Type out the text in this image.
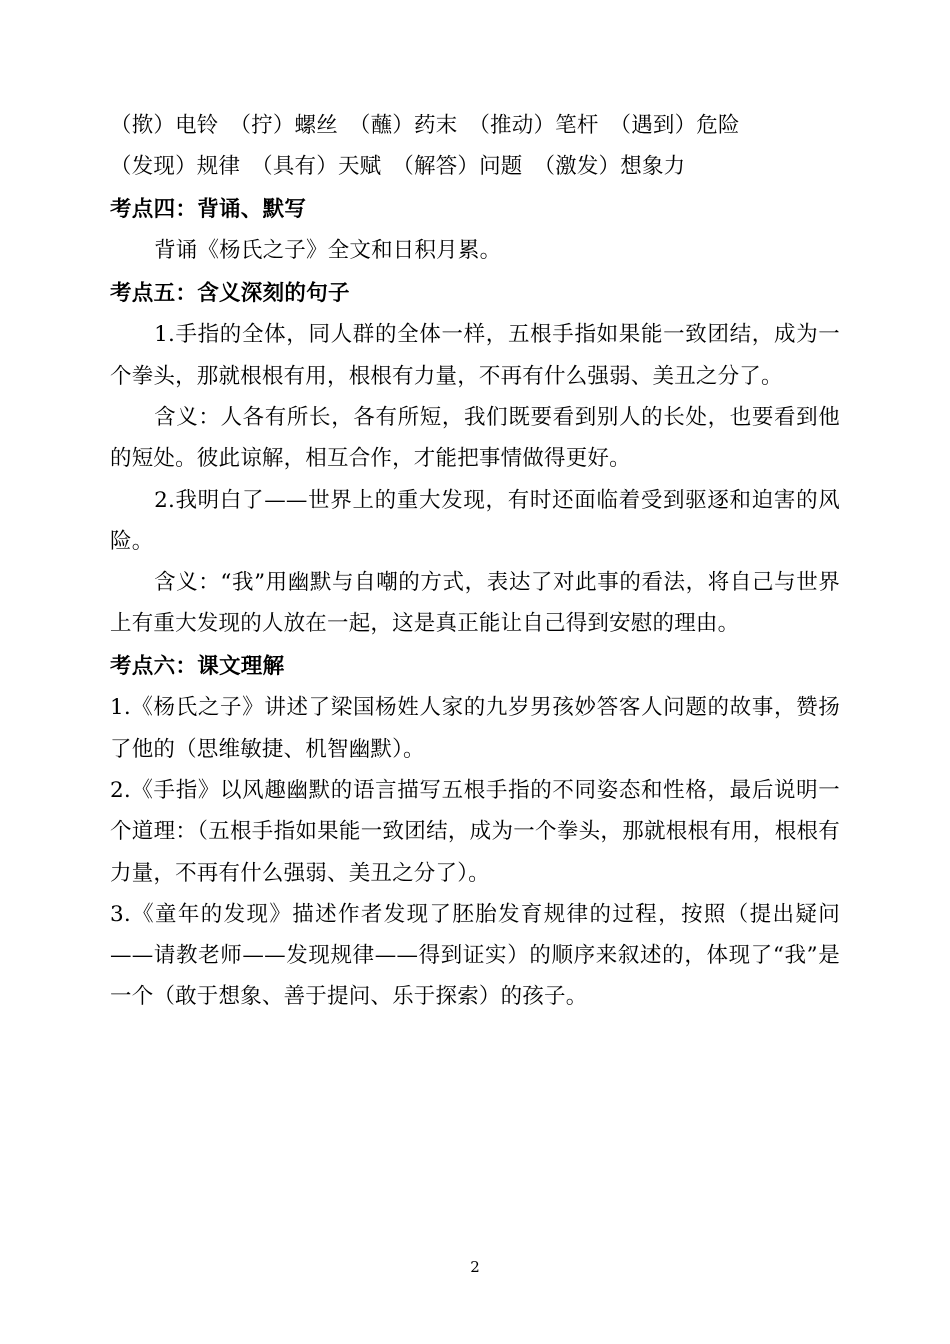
（揿）电铃　（拧）螺丝　（蘸）药末　（推动）笔杆　（遇到）危险

（发现）规律　（具有）天赋　（解答）问题　（激发）想象力

考点四：背诵、默写

背诵《杨氏之子》全文和日积月累。

考点五：含义深刻的句子

1.手指的全体，同人群的全体一样，五根手指如果能一致团结，成为一个拳头，那就根根有用，根根有力量，不再有什么强弱、美丑之分了。

含义：人各有所长，各有所短，我们既要看到别人的长处，也要看到他的短处。彼此谅解，相互合作，才能把事情做得更好。

2.我明白了——世界上的重大发现，有时还面临着受到驱逐和迫害的风险。

含义：“我”用幽默与自嘲的方式，表达了对此事的看法，将自己与世界上有重大发现的人放在一起，这是真正能让自己得到安慰的理由。

考点六：课文理解

1.《杨氏之子》讲述了梁国杨姓人家的九岁男孩妙答客人问题的故事，赞扬了他的（思维敏捷、机智幽默）。

2.《手指》以风趣幽默的语言描写五根手指的不同姿态和性格，最后说明一个道理：（五根手指如果能一致团结，成为一个拳头，那就根根有用，根根有力量，不再有什么强弱、美丑之分了）。

3.《童年的发现》描述作者发现了胚胎发育规律的过程，按照（提出疑问——请教老师——发现规律——得到证实）的顺序来叙述的，体现了“我”是一个（敢于想象、善于提问、乐于探索）的孩子。

2
